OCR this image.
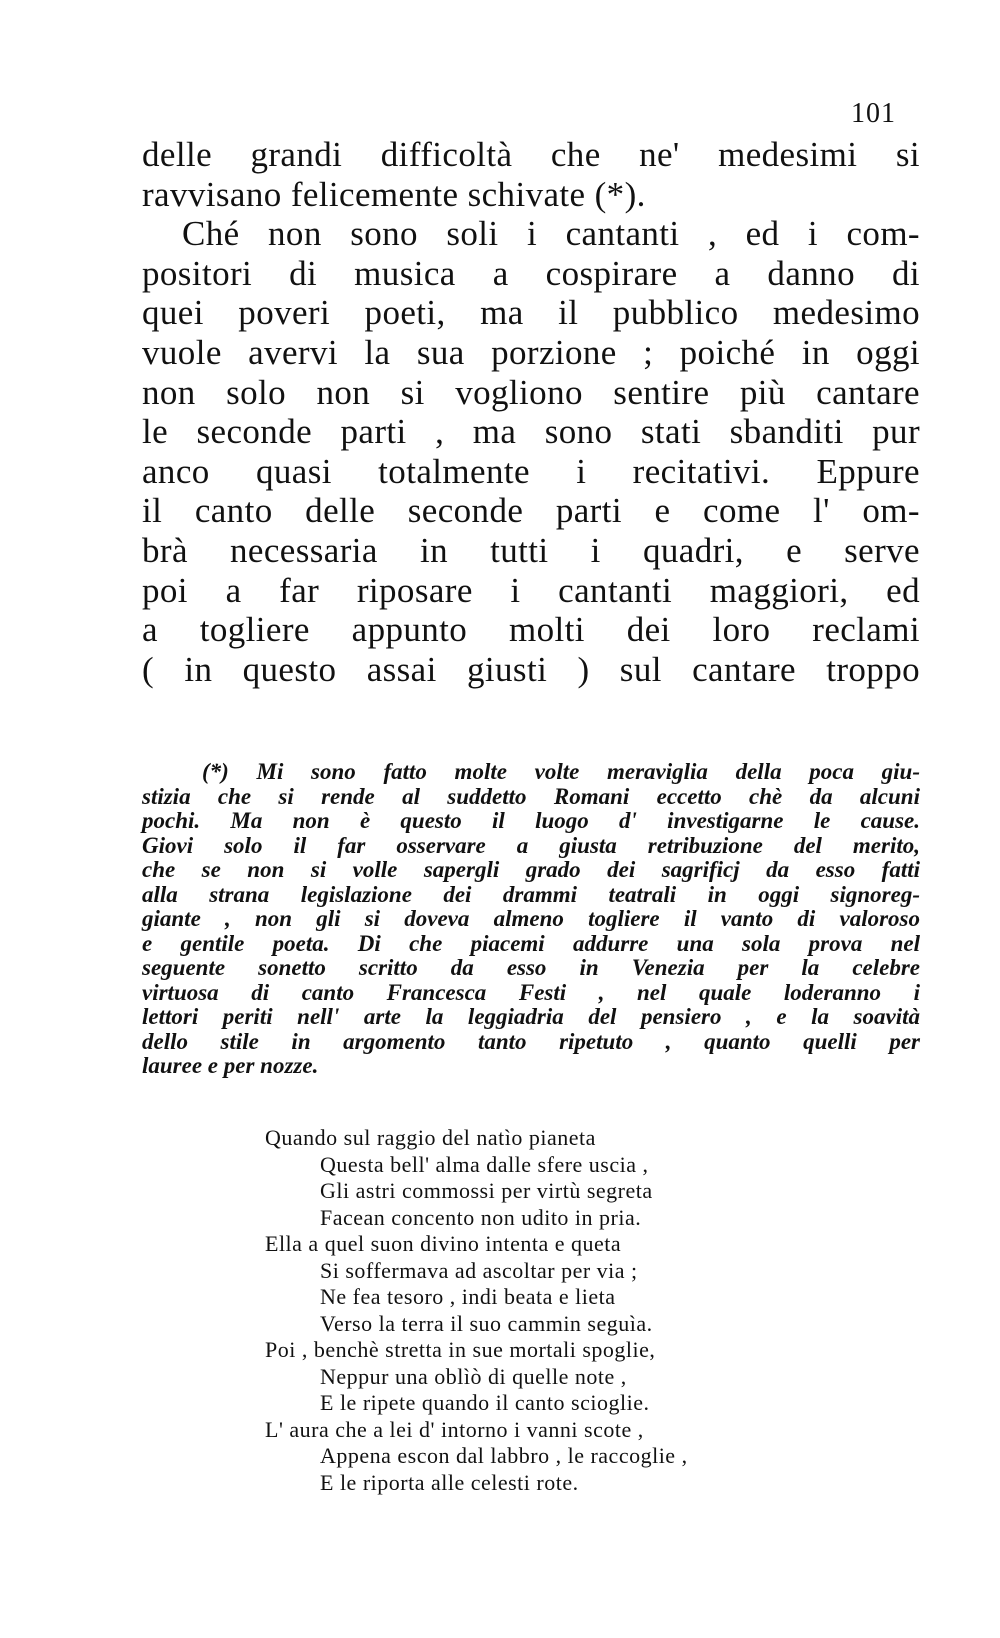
101
delle grandi difficoltà che ne' medesimi si
ravvisano felicemente schivate (*).
Ché non sono soli i cantanti , ed i com-
positori di musica a cospirare a danno di
quei poveri poeti, ma il pubblico medesimo
vuole avervi la sua porzione ; poiché in oggi
non solo non si vogliono sentire più cantare
le seconde parti , ma sono stati sbanditi pur
anco quasi totalmente i recitativi. Eppure
il canto delle seconde parti e come l' om-
brà necessaria in tutti i quadri, e serve
poi a far riposare i cantanti maggiori, ed
a togliere appunto molti dei loro reclami
( in questo assai giusti ) sul cantare troppo
(*) Mi sono fatto molte volte meraviglia della poca giu-
stizia che si rende al suddetto Romani eccetto chè da alcuni
pochi. Ma non è questo il luogo d' investigarne le cause.
Giovi solo il far osservare a giusta retribuzione del merito,
che se non si volle sapergli grado dei sagrificj da esso fatti
alla strana legislazione dei drammi teatrali in oggi signoreg-
giante , non gli si doveva almeno togliere il vanto di valoroso
e gentile poeta. Di che piacemi addurre una sola prova nel
seguente sonetto scritto da esso in Venezia per la celebre
virtuosa di canto Francesca Festi , nel quale loderanno i
lettori periti nell' arte la leggiadria del pensiero , e la soavità
dello stile in argomento tanto ripetuto , quanto quelli per
lauree e per nozze.
Quando sul raggio del natìo pianeta
Questa bell' alma dalle sfere uscia ,
Gli astri commossi per virtù segreta
Facean concento non udito in pria.
Ella a quel suon divino intenta e queta
Si soffermava ad ascoltar per via ;
Ne fea tesoro , indi beata e lieta
Verso la terra il suo cammin seguìa.
Poi , benchè stretta in sue mortali spoglie,
Neppur una oblìò di quelle note ,
E le ripete quando il canto scioglie.
L' aura che a lei d' intorno i vanni scote ,
Appena escon dal labbro , le raccoglie ,
E le riporta alle celesti rote.
